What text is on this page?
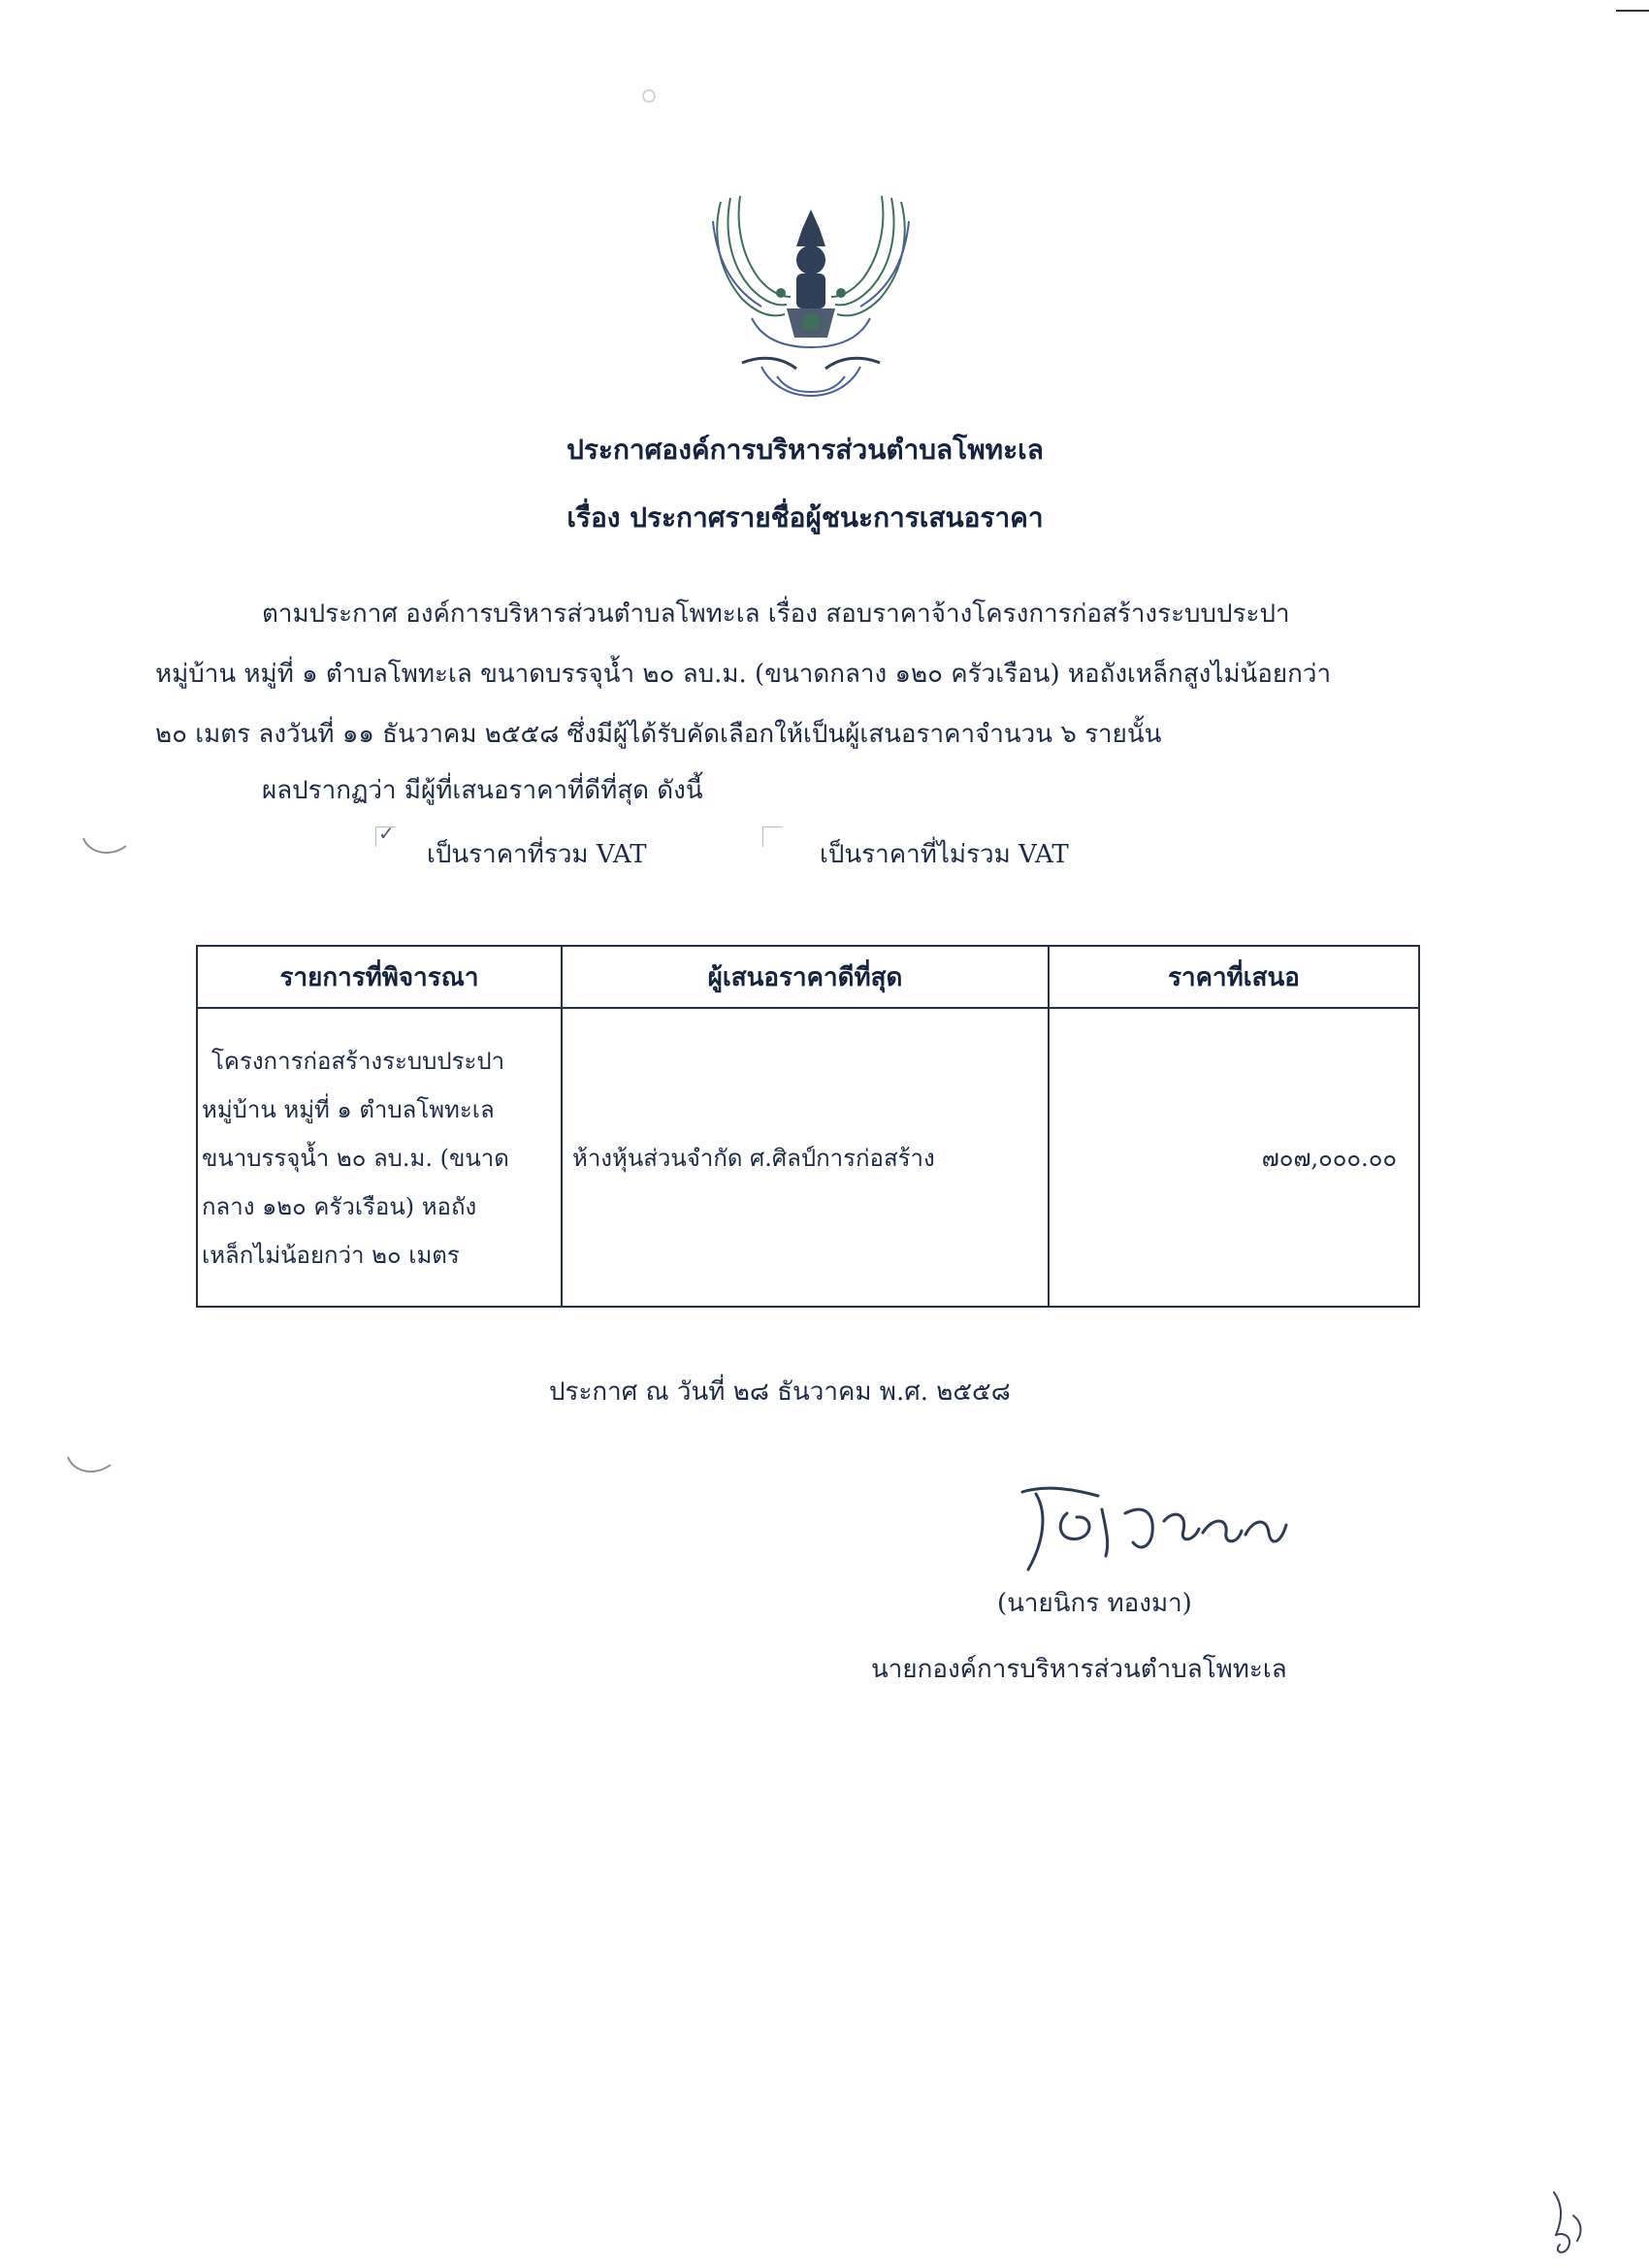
ประกาศองค์การบริหารส่วนตำบลโพทะเล
เรื่อง ประกาศรายชื่อผู้ชนะการเสนอราคา
ตามประกาศ องค์การบริหารส่วนตำบลโพทะเล เรื่อง สอบราคาจ้างโครงการก่อสร้างระบบประปา
หมู่บ้าน หมู่ที่ ๑ ตำบลโพทะเล ขนาดบรรจุน้ำ ๒๐ ลบ.ม. (ขนาดกลาง ๑๒๐ ครัวเรือน) หอถังเหล็กสูงไม่น้อยกว่า
๒๐ เมตร ลงวันที่ ๑๑ ธันวาคม ๒๕๕๘ ซึ่งมีผู้ได้รับคัดเลือกให้เป็นผู้เสนอราคาจำนวน ๖ รายนั้น
ผลปรากฏว่า มีผู้ที่เสนอราคาที่ดีที่สุด ดังนี้
✓
เป็นราคาที่รวม VAT	เป็นราคาที่ไม่รวม VAT
รายการที่พิจารณา	ผู้เสนอราคาดีที่สุด	ราคาที่เสนอ

โครงการก่อสร้างระบบประปา
หมู่บ้าน หมู่ที่ ๑ ตำบลโพทะเล
ขนาบรรจุน้ำ ๒๐ ลบ.ม. (ขนาด
กลาง ๑๒๐ ครัวเรือน) หอถัง
เหล็กไม่น้อยกว่า ๒๐ เมตร	ห้างหุ้นส่วนจำกัด ศ.ศิลป์การก่อสร้าง	๗๐๗,๐๐๐.๐๐
ประกาศ ณ วันที่ ๒๘ ธันวาคม พ.ศ. ๒๕๕๘
(นายนิกร ทองมา)
นายกองค์การบริหารส่วนตำบลโพทะเล
